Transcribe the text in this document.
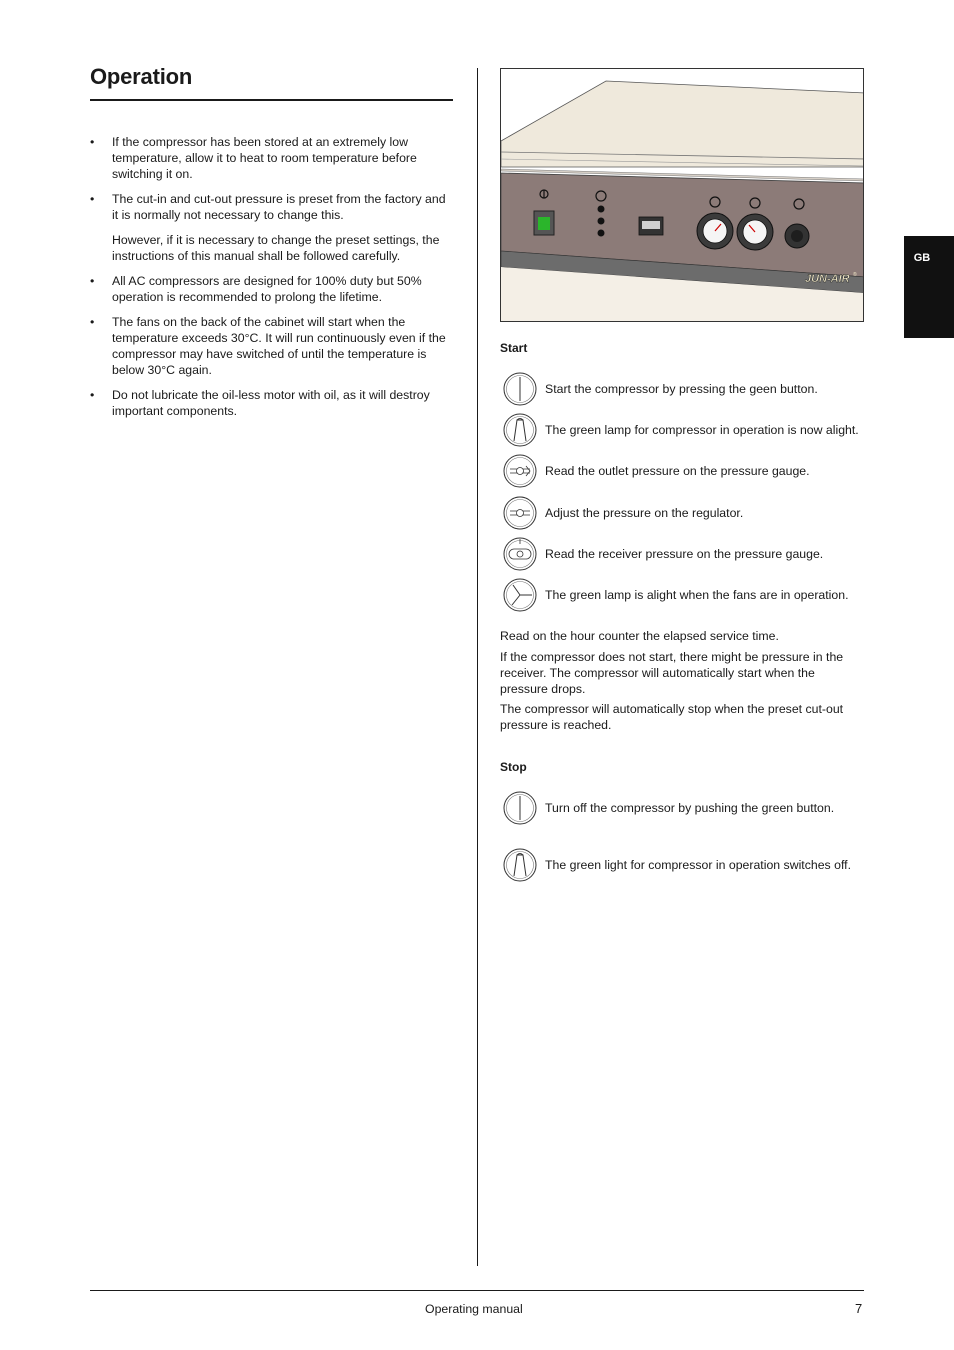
Operation
• If the compressor has been stored at an extremely low temperature, allow it to heat to room temperature before switching it on.

• The cut-in and cut-out pressure is preset from the factory and it is normally not necessary to change this.

However, if it is necessary to change the preset settings, the instructions of this manual shall be followed carefully.

• All AC compressors are designed for 100% duty but 50% operation is recommended to prolong the lifetime.

• The fans on the back of the cabinet will start when the temperature exceeds 30°C. It will run continuously even if the compressor may have switched of until the temperature is below 30°C again.

• Do not lubricate the oil-less motor with oil, as it will destroy important components.

JUN-AIR ®
GB
Start
Start the compressor by pressing the geen button.
The green lamp for compressor in operation is now alight.
Read the outlet pressure on the pressure gauge.
Adjust the pressure on the regulator.
Read the receiver pressure on the pressure gauge.
The green lamp is alight when the fans are in operation.
Read on the hour counter the elapsed service time.
If the compressor does not start, there might be pressure in the receiver. The compressor will automatically start when the pressure drops.
The compressor will automatically stop when the preset cut-out pressure is reached.
Stop
Turn off the compressor by pushing the green button.
The green light for compressor in operation switches off.
Operating manual	7
